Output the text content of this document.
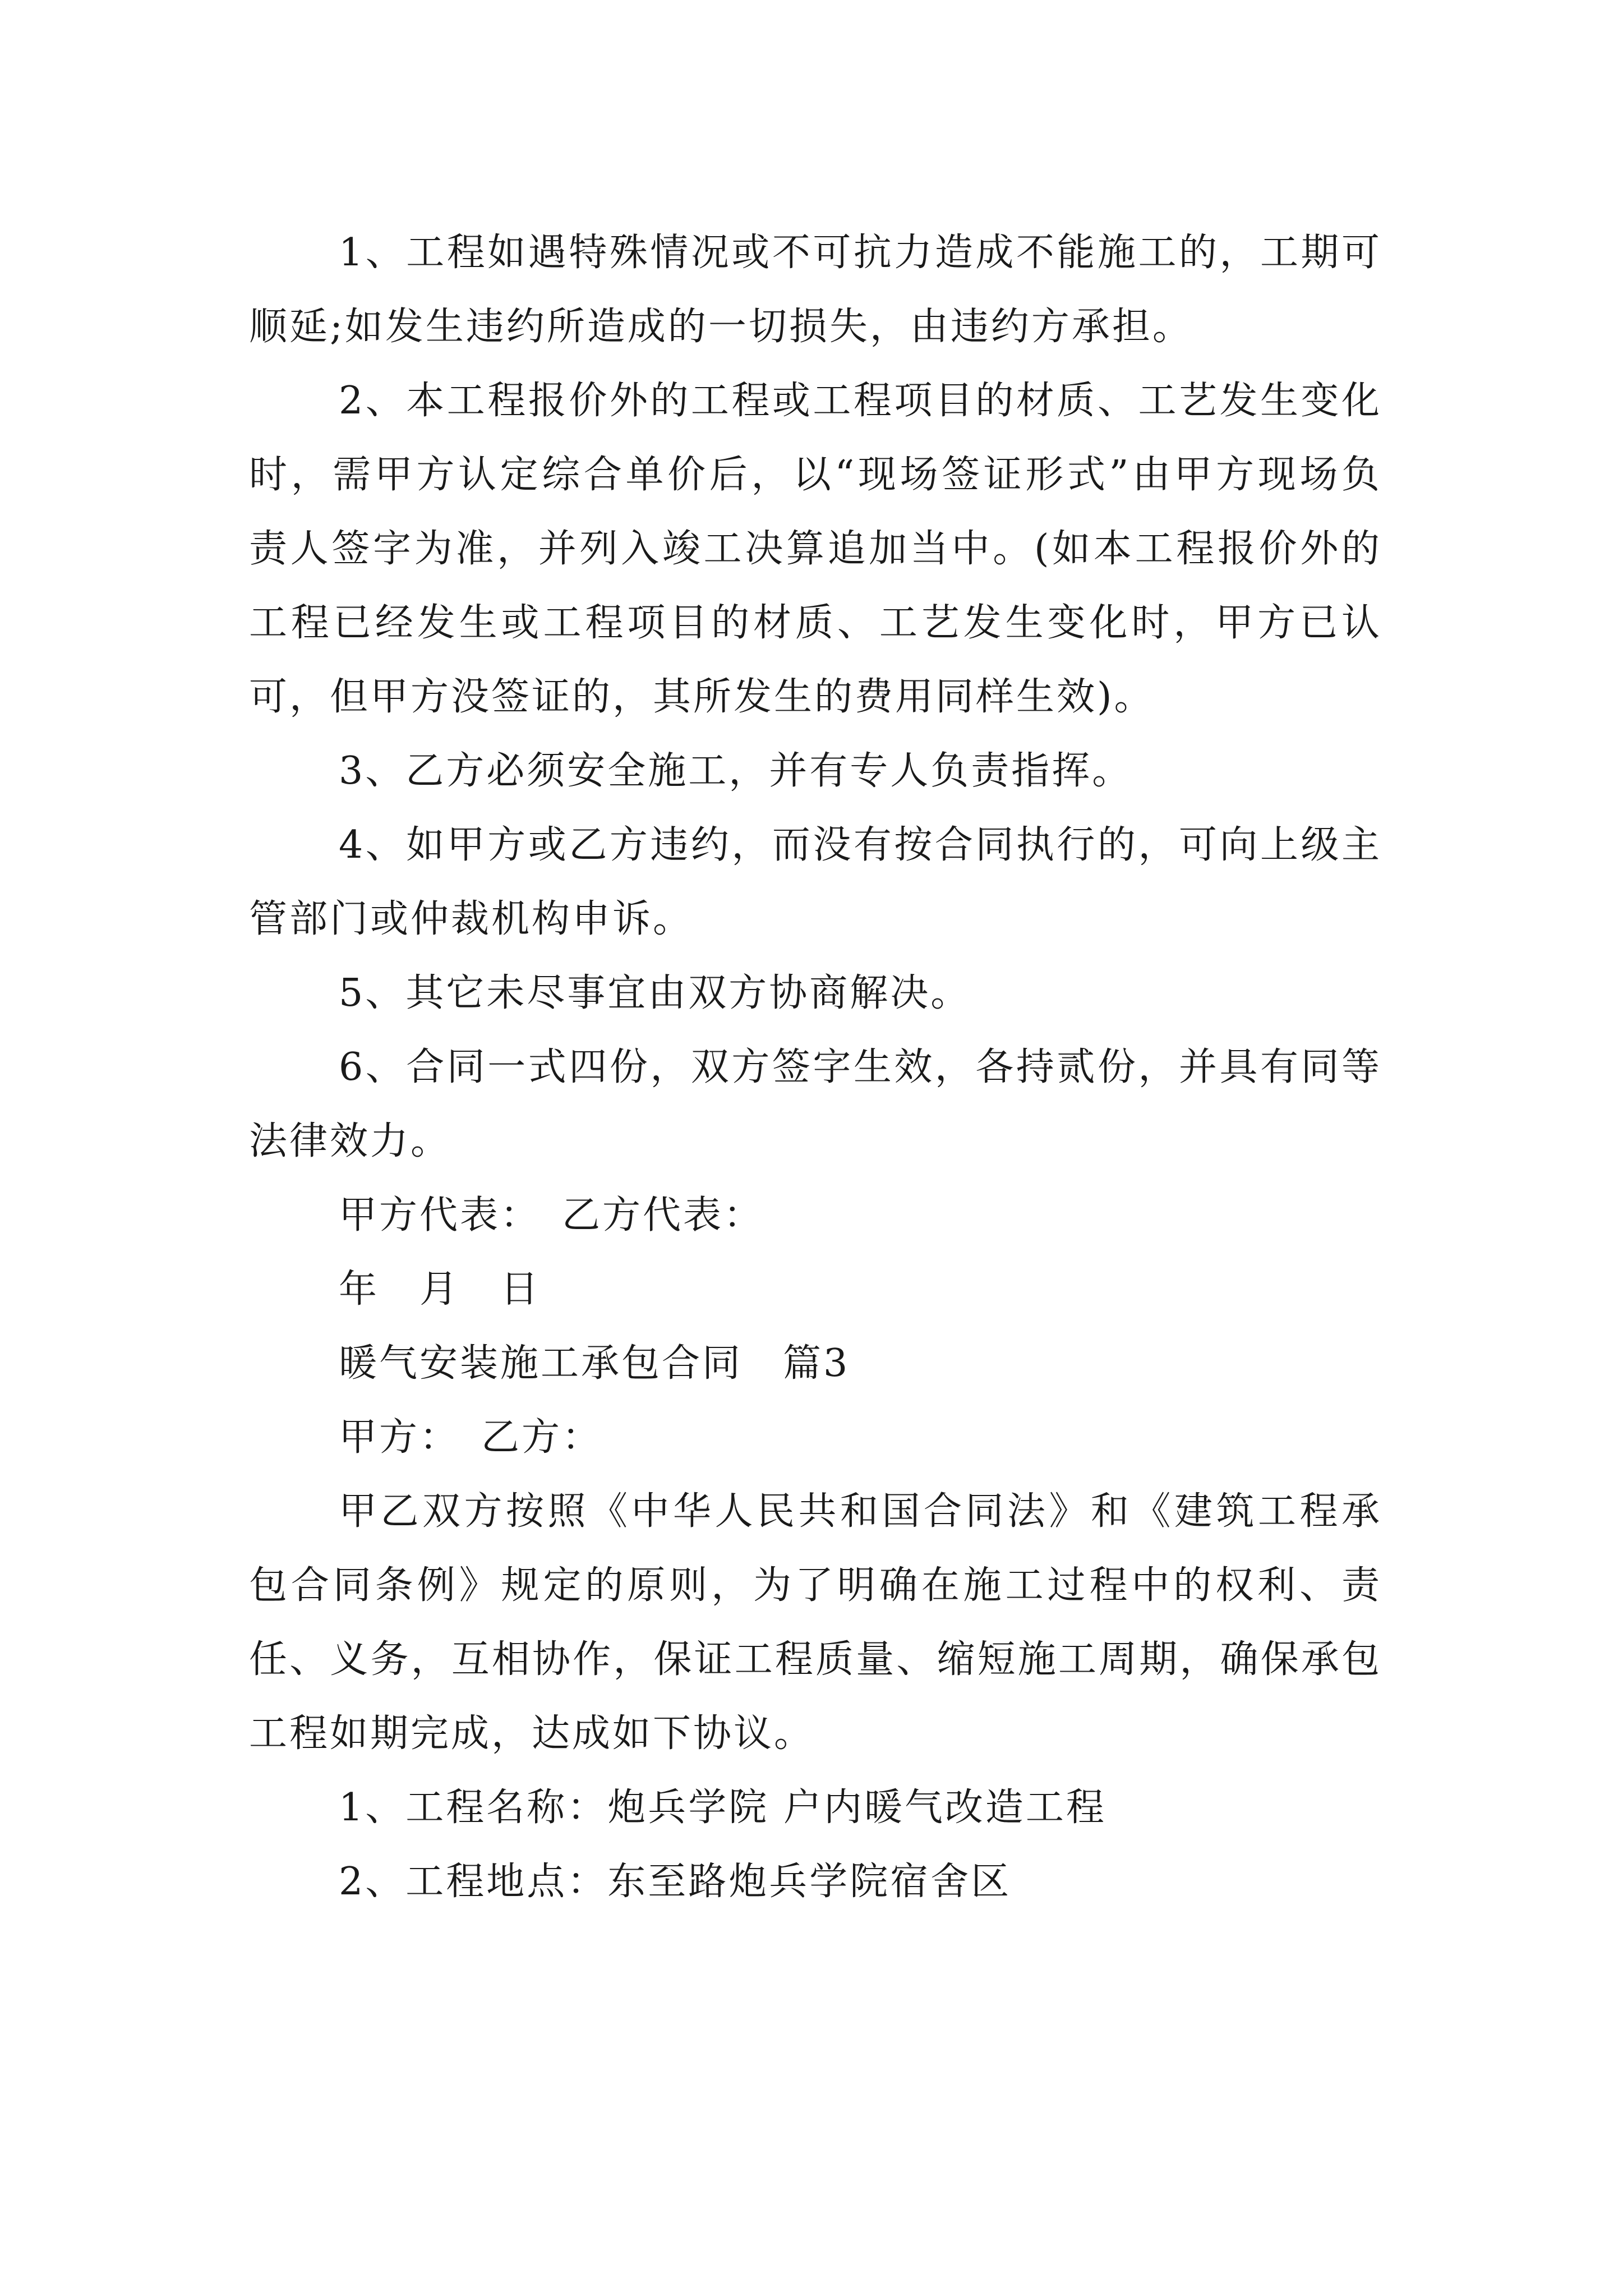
1、工程如遇特殊情况或不可抗力造成不能施工的，工期可顺延;如发生违约所造成的一切损失，由违约方承担。

2、本工程报价外的工程或工程项目的材质、工艺发生变化时，需甲方认定综合单价后，以“现场签证形式”由甲方现场负责人签字为准，并列入竣工决算追加当中。(如本工程报价外的工程已经发生或工程项目的材质、工艺发生变化时，甲方已认可，但甲方没签证的，其所发生的费用同样生效)。

3、乙方必须安全施工，并有专人负责指挥。

4、如甲方或乙方违约，而没有按合同执行的，可向上级主管部门或仲裁机构申诉。

5、其它未尽事宜由双方协商解决。

6、合同一式四份，双方签字生效，各持贰份，并具有同等法律效力。

甲方代表：　乙方代表：

年　月　日

暖气安装施工承包合同　篇3

甲方：　乙方：

甲乙双方按照《中华人民共和国合同法》和《建筑工程承包合同条例》规定的原则，为了明确在施工过程中的权利、责任、义务，互相协作，保证工程质量、缩短施工周期，确保承包工程如期完成，达成如下协议。

1、工程名称：炮兵学院 户内暖气改造工程

2、工程地点：东至路炮兵学院宿舍区
